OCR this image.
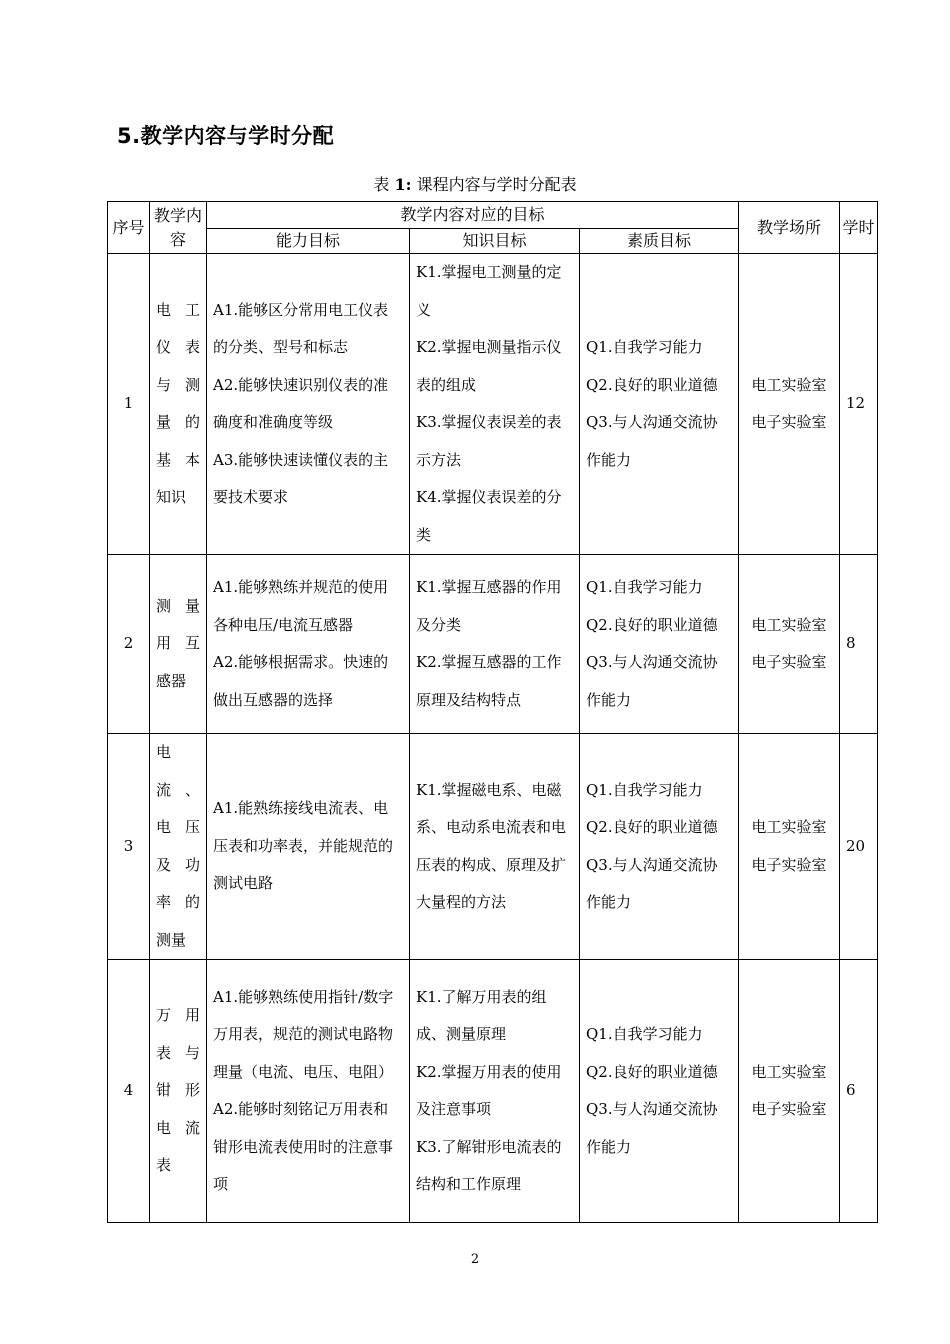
5.教学内容与学时分配
表 1: 课程内容与学时分配表
序号	教学内容	教学内容对应的目标			教学场所	学时
		能力目标	知识目标	素质目标		
1	电工仪表与测量的基本知识	A1.能够区分常用电工仪表的分类、型号和标志
A2.能够快速识别仪表的准确度和准确度等级
A3.能够快速读懂仪表的主要技术要求	K1.掌握电工测量的定义
K2.掌握电测量指示仪表的组成
K3.掌握仪表误差的表示方法
K4.掌握仪表误差的分类	Q1.自我学习能力
Q2.良好的职业道德
Q3.与人沟通交流协作能力	电工实验室
电子实验室	12
2	测量用互感器	A1.能够熟练并规范的使用各种电压/电流互感器
A2.能够根据需求。快速的做出互感器的选择	K1.掌握互感器的作用及分类
K2.掌握互感器的工作原理及结构特点	Q1.自我学习能力
Q2.良好的职业道德
Q3.与人沟通交流协作能力	电工实验室
电子实验室	8
3	电流、电压及功率的测量	A1.能熟练接线电流表、电压表和功率表，并能规范的测试电路	K1.掌握磁电系、电磁系、电动系电流表和电压表的构成、原理及扩大量程的方法	Q1.自我学习能力
Q2.良好的职业道德
Q3.与人沟通交流协作能力	电工实验室
电子实验室	20
4	万用表与钳形电流表	A1.能够熟练使用指针/数字万用表，规范的测试电路物理量（电流、电压、电阻）
A2.能够时刻铭记万用表和钳形电流表使用时的注意事项	K1.了解万用表的组成、测量原理
K2.掌握万用表的使用及注意事项
K3.了解钳形电流表的结构和工作原理	Q1.自我学习能力
Q2.良好的职业道德
Q3.与人沟通交流协作能力	电工实验室
电子实验室	6
2
